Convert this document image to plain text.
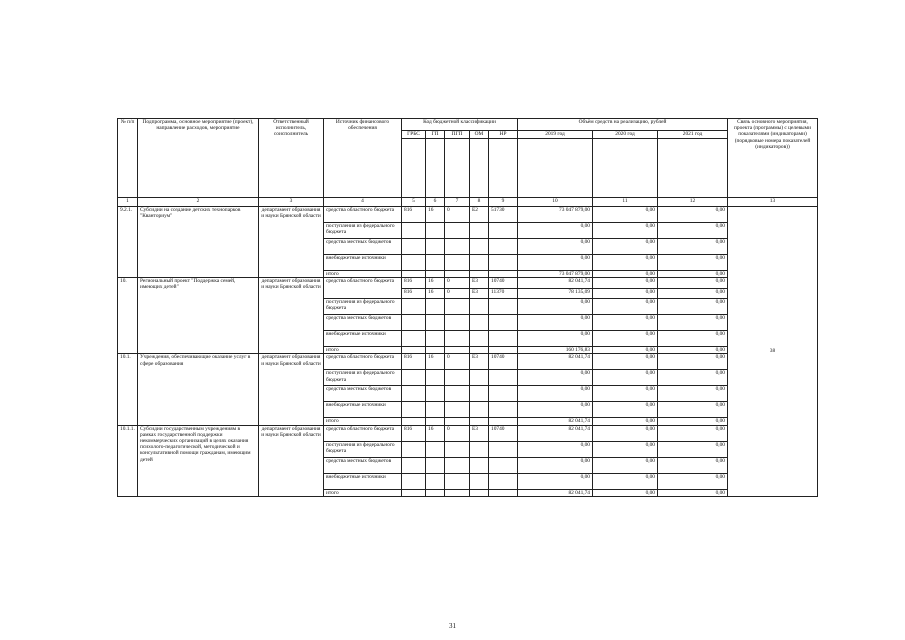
№ п/п	Подпрограмма, основное мероприятие (проект), направление расходов, мероприятие	Ответственный исполнитель, соисполнитель	Источник финансового обеспечения	Код бюджетной классификации					Объём средств на реализацию, рублей			Связь основного мероприятия, проекта (программы) с целевыми показателями (индикаторами) (порядковые номера показателей (индикаторов))
				ГРБС	ГП	ПГП	ОМ	НР	2019 год	2020 год	2021 год	

1	2	3	4	5	6	7	8	9	10	11	12	13
9.2.1.	Субсидии на создание детских технопарков "Кванториум"	департамент образования и науки Брянской области	средства областного бюджета	816	16	0	E2	51730	73 047 879,00	0,00	0,00	38
			поступления из федерального бюджета						0,00	0,00	0,00	
			средства местных бюджетов						0,00	0,00	0,00	
			внебюджетные источники						0,00	0,00	0,00	
			итого						73 047 879,00	0,00	0,00	
10.	Региональный проект "Поддержка семей, имеющих детей"	департамент образования и науки Брянской области	средства областного бюджета	816	16	0	E3	10740	82 041,74	0,00	0,00	
				816	16	0	E3	11370	78 135,09	0,00	0,00	
			поступления из федерального бюджета						0,00	0,00	0,00	
			средства местных бюджетов						0,00	0,00	0,00	
			внебюджетные источники						0,00	0,00	0,00	
			итого						160 176,83	0,00	0,00	
10.1.	Учреждения, обеспечивающие оказание услуг в сфере образования	департамент образования и науки Брянской области	средства областного бюджета	816	16	0	E3	10740	82 041,74	0,00	0,00	
			поступления из федерального бюджета						0,00	0,00	0,00	
			средства местных бюджетов						0,00	0,00	0,00	
			внебюджетные источники						0,00	0,00	0,00	
			итого						82 041,74	0,00	0,00	
10.1.1.	Субсидии государственным учреждениям в рамках государственной поддержки некоммерческих организаций в целях оказания психолого-педагогической, методической и консультативной помощи гражданам, имеющим детей	департамент образования и науки Брянской области	средства областного бюджета	816	16	0	E3	10740	82 041,74	0,00	0,00	
			поступления из федерального бюджета						0,00	0,00	0,00	
			средства местных бюджетов						0,00	0,00	0,00	
			внебюджетные источники						0,00	0,00	0,00	
			итого						82 041,74	0,00	0,00	
31
